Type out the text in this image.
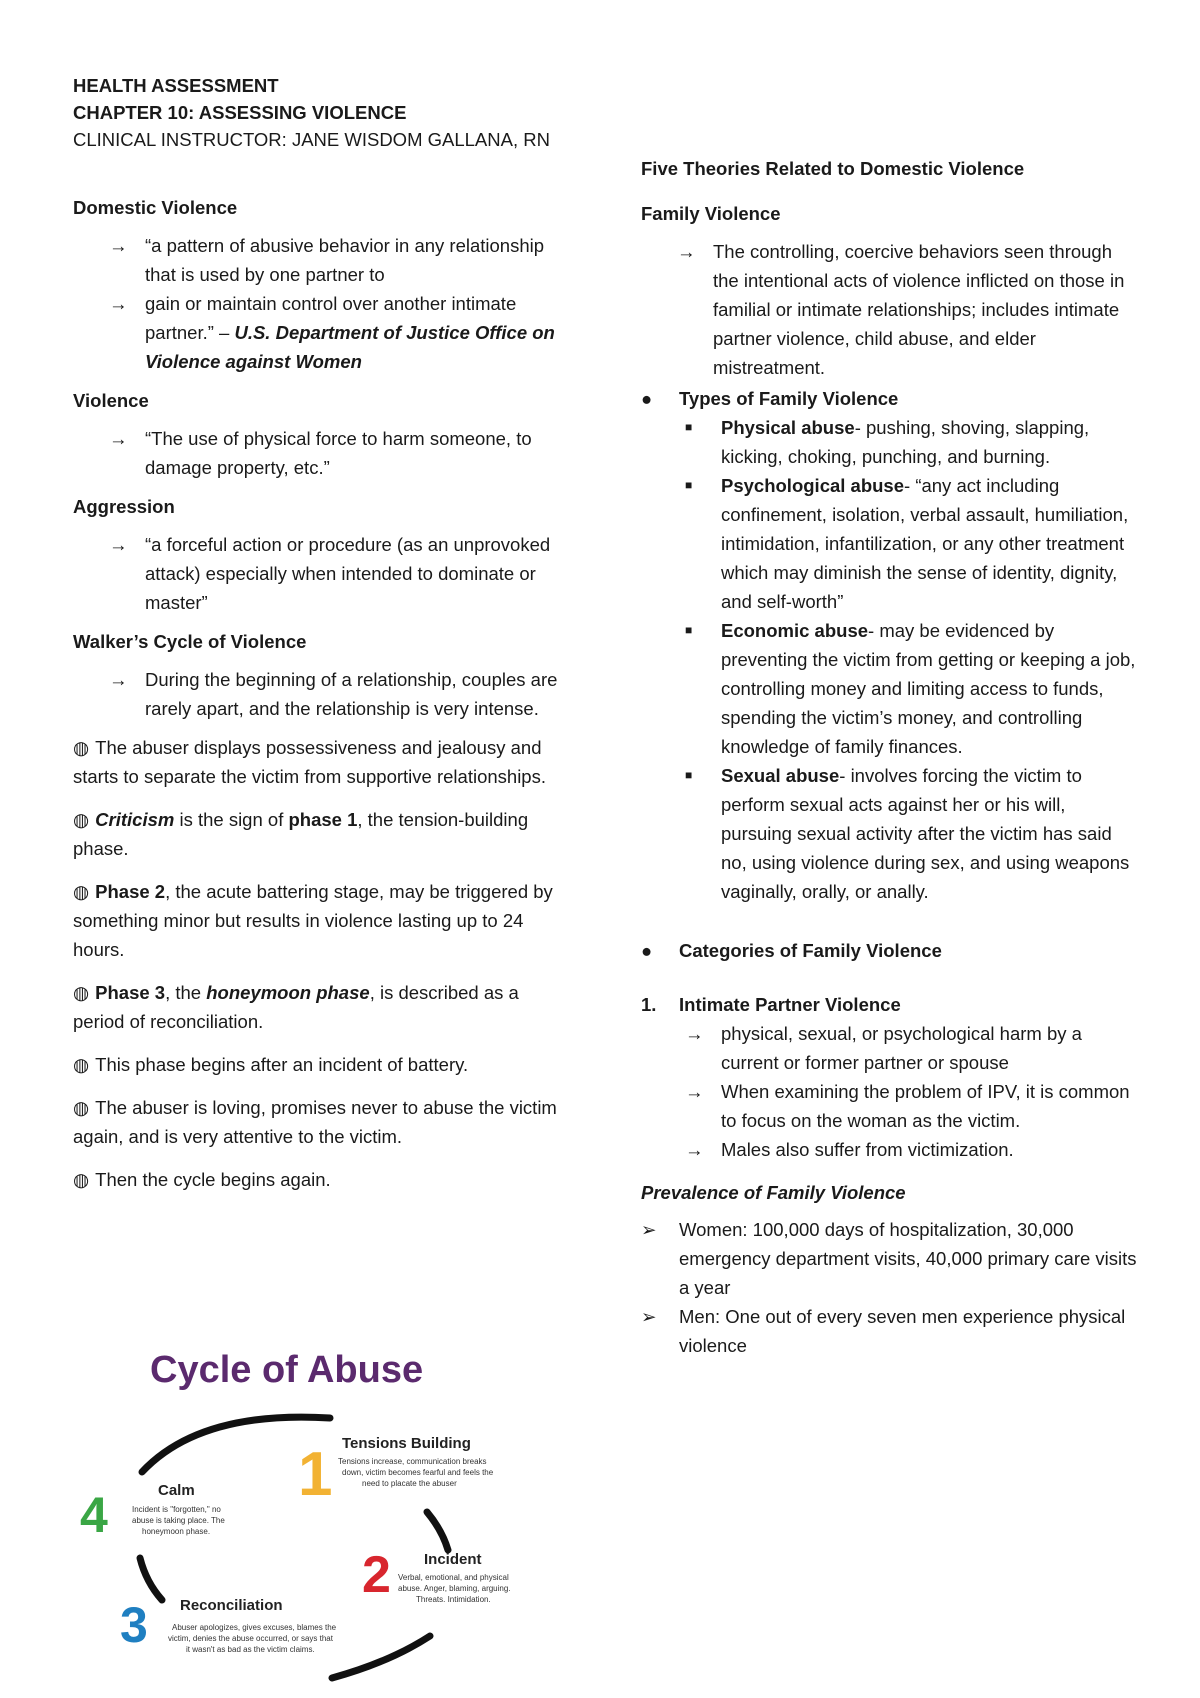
HEALTH ASSESSMENT

CHAPTER 10: ASSESSING VIOLENCE

CLINICAL INSTRUCTOR: JANE WISDOM GALLANA, RN

Domestic Violence

→ “a pattern of abusive behavior in any relationship that is used by one partner to
→ gain or maintain control over another intimate partner.” – U.S. Department of Justice Office on Violence against Women

Violence

→ “The use of physical force to harm someone, to damage property, etc.”

Aggression

→ “a forceful action or procedure (as an unprovoked attack) especially when intended to dominate or master”

Walker’s Cycle of Violence

→ During the beginning of a relationship, couples are rarely apart, and the relationship is very intense.

◍ The abuser displays possessiveness and jealousy and starts to separate the victim from supportive relationships.

◍ Criticism is the sign of phase 1, the tension-building phase.

◍ Phase 2, the acute battering stage, may be triggered by something minor but results in violence lasting up to 24 hours.

◍ Phase 3, the honeymoon phase, is described as a period of reconciliation.

◍ This phase begins after an incident of battery.

◍ The abuser is loving, promises never to abuse the victim again, and is very attentive to the victim.

◍ Then the cycle begins again.

Cycle of Abuse
1 Tensions Building
Tensions increase, communication breaks
down, victim becomes fearful and feels the
need to placate the abuser
4	Calm
Incident is "forgotten," no
abuse is taking place. The
honeymoon phase.
2 Incident
Verbal, emotional, and physical
abuse. Anger, blaming, arguing.
Threats. Intimidation.
3 Reconciliation
Abuser apologizes, gives excuses, blames the
victim, denies the abuse occurred, or says that
it wasn't as bad as the victim claims.

Five Theories Related to Domestic Violence

Family Violence

→ The controlling, coercive behaviors seen through the intentional acts of violence inflicted on those in familial or intimate relationships; includes intimate partner violence, child abuse, and elder mistreatment.

● Types of Family Violence

■ Physical abuse- pushing, shoving, slapping, kicking, choking, punching, and burning.
■ Psychological abuse- “any act including confinement, isolation, verbal assault, humiliation, intimidation, infantilization, or any other treatment which may diminish the sense of identity, dignity, and self-worth”
■ Economic abuse- may be evidenced by preventing the victim from getting or keeping a job, controlling money and limiting access to funds, spending the victim’s money, and controlling knowledge of family finances.
■ Sexual abuse- involves forcing the victim to perform sexual acts against her or his will, pursuing sexual activity after the victim has said no, using violence during sex, and using weapons vaginally, orally, or anally.

● Categories of Family Violence

1. Intimate Partner Violence

→ physical, sexual, or psychological harm by a current or former partner or spouse
→ When examining the problem of IPV, it is common to focus on the woman as the victim.
→ Males also suffer from victimization.

Prevalence of Family Violence

➢ Women: 100,000 days of hospitalization, 30,000 emergency department visits, 40,000 primary care visits a year
➢ Men: One out of every seven men experience physical violence
